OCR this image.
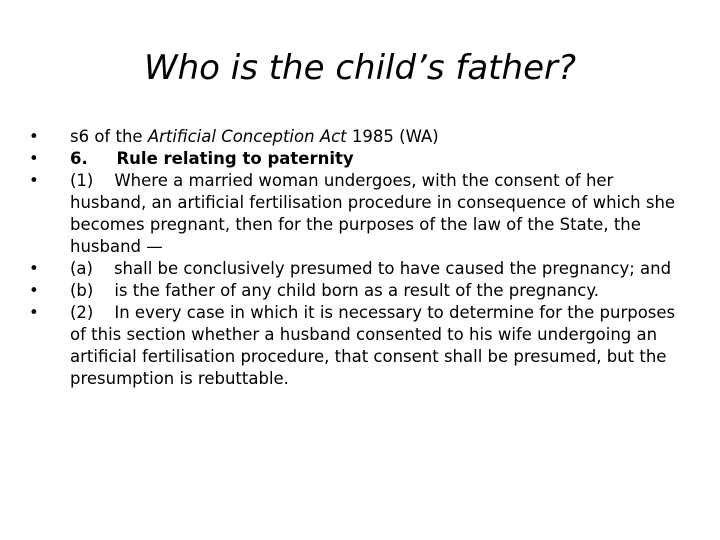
Who is the child’s father?
•	s6 of the Artificial Conception Act 1985 (WA)
•	6.     Rule relating to paternity
•	(1)    Where a married woman undergoes, with the consent of her husband, an artificial fertilisation procedure in consequence of which she becomes pregnant, then for the purposes of the law of the State, the husband —
•	(a)    shall be conclusively presumed to have caused the pregnancy; and
•	(b)    is the father of any child born as a result of the pregnancy.
•	(2)    In every case in which it is necessary to determine for the purposes of this section whether a husband consented to his wife undergoing an artificial fertilisation procedure, that consent shall be presumed, but the presumption is rebuttable.
